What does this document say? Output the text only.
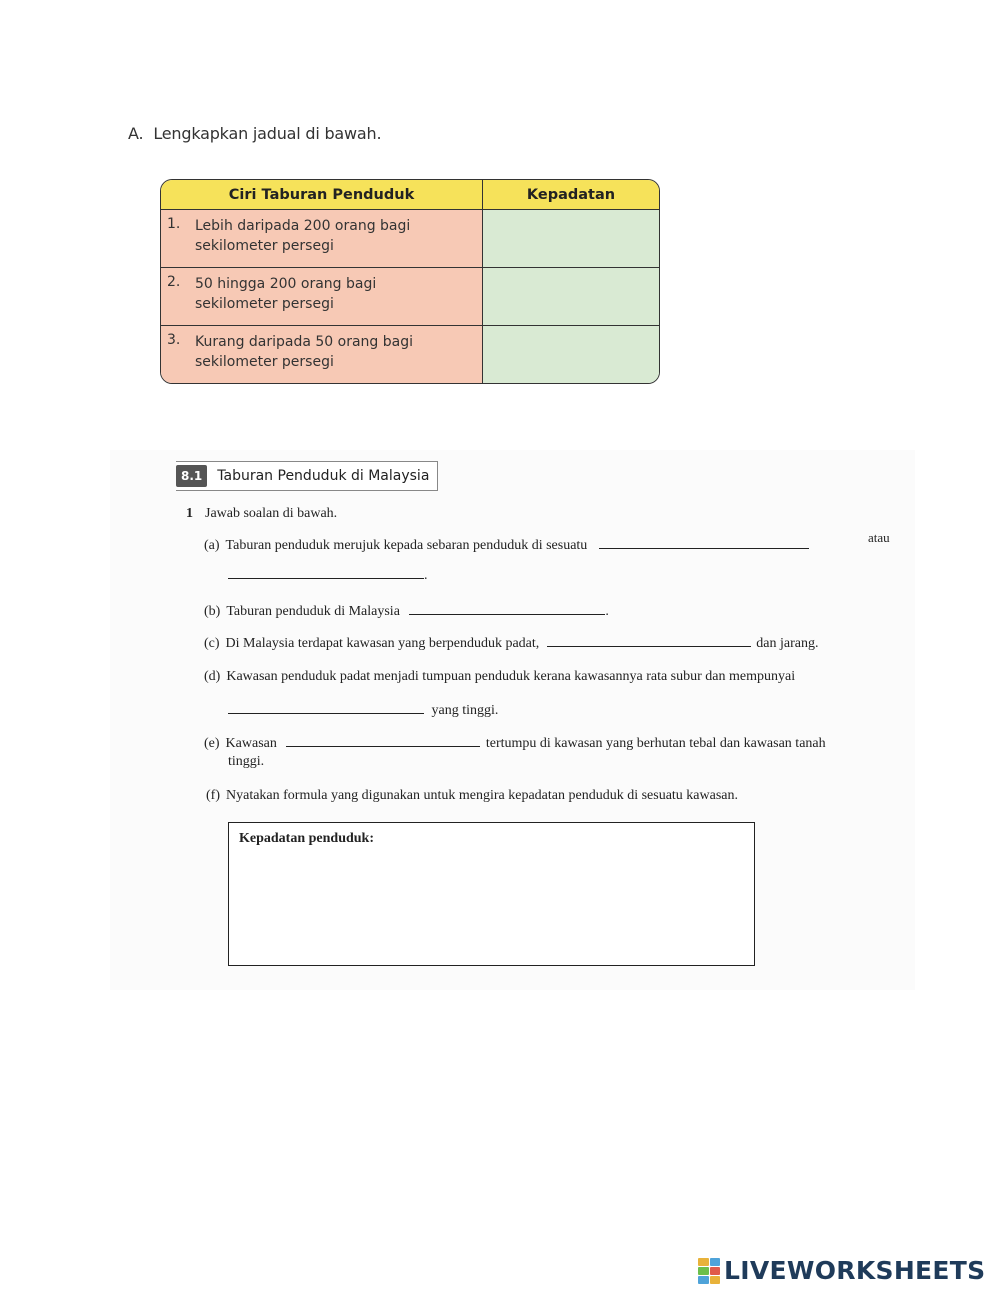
A. Lengkapkan jadual di bawah.
Ciri Taburan Penduduk	Kepadatan
1.	Lebih daripada 200 orang bagi
sekilometer persegi
2.	50 hingga 200 orang bagi
sekilometer persegi
3.	Kurang daripada 50 orang bagi
sekilometer persegi
8.1	Taburan Penduduk di Malaysia
1 Jawab soalan di bawah.
(a) Taburan penduduk merujuk kepada sebaran penduduk di sesuatu
atau
.
(b) Taburan penduduk di Malaysia	.
(c) Di Malaysia terdapat kawasan yang berpenduduk padat,	dan jarang.
(d) Kawasan penduduk padat menjadi tumpuan penduduk kerana kawasannya rata subur dan mempunyai
yang tinggi.
(e) Kawasan	tertumpu di kawasan yang berhutan tebal dan kawasan tanah
tinggi.
(f) Nyatakan formula yang digunakan untuk mengira kepadatan penduduk di sesuatu kawasan.
Kepadatan penduduk:
LIVEWORKSHEETS
